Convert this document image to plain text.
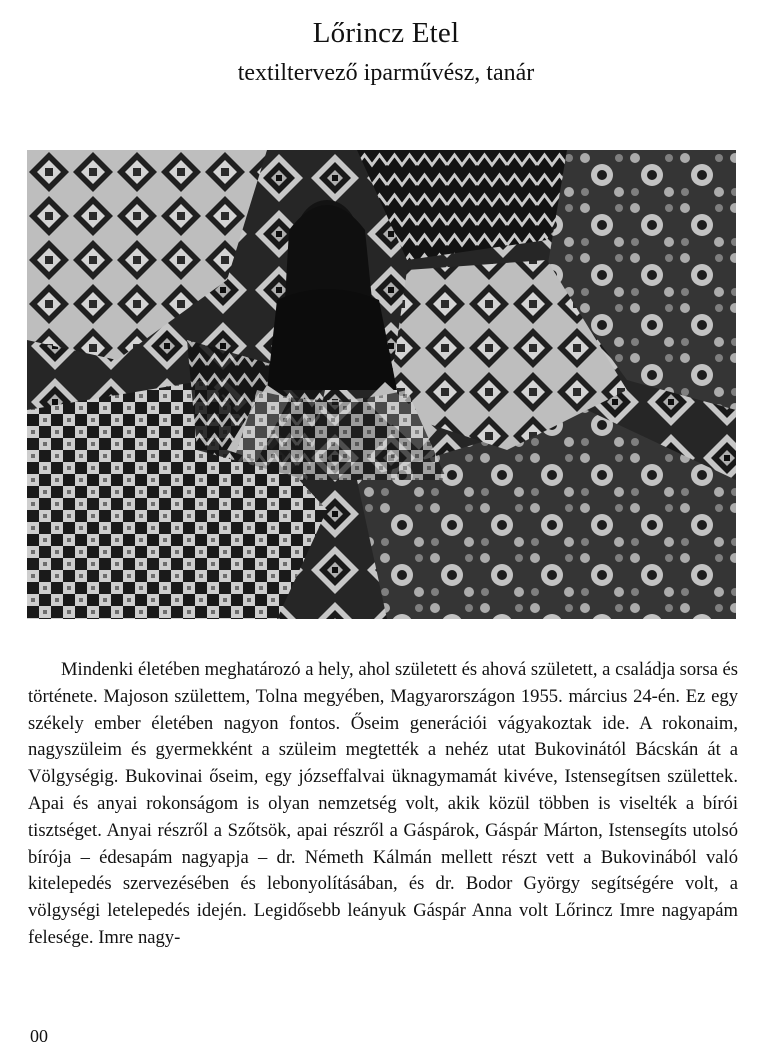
Lőrincz Etel
textiltervező iparművész, tanár

Mindenki életében meghatározó a hely, ahol született és ahová született, a családja sorsa és története. Majoson születtem, Tolna megyében, Magyarországon 1955. március 24-én. Ez egy székely ember életében nagyon fontos. Őseim generációi vágyakoztak ide. A rokonaim, nagyszüleim és gyermekként a szüleim megtették a nehéz utat Bukovinától Bácskán át a Völgységig. Bukovinai őseim, egy józseffalvai üknagymamát kivéve, Istensegítsen születtek. Apai és anyai rokonságom is olyan nemzetség volt, akik közül többen is viselték a bírói tisztséget. Anyai részről a Szőtsök, apai részről a Gáspárok, Gáspár Márton, Istensegíts utolsó bírója – édesapám nagyapja – dr. Németh Kálmán mellett részt vett a Bukovinából való kitelepedés szervezésében és lebonyolításában, és dr. Bodor György segítségére volt, a völgységi letelepedés idején. Legidősebb leányuk Gáspár Anna volt Lőrincz Imre nagyapám felesége. Imre nagy-

00
